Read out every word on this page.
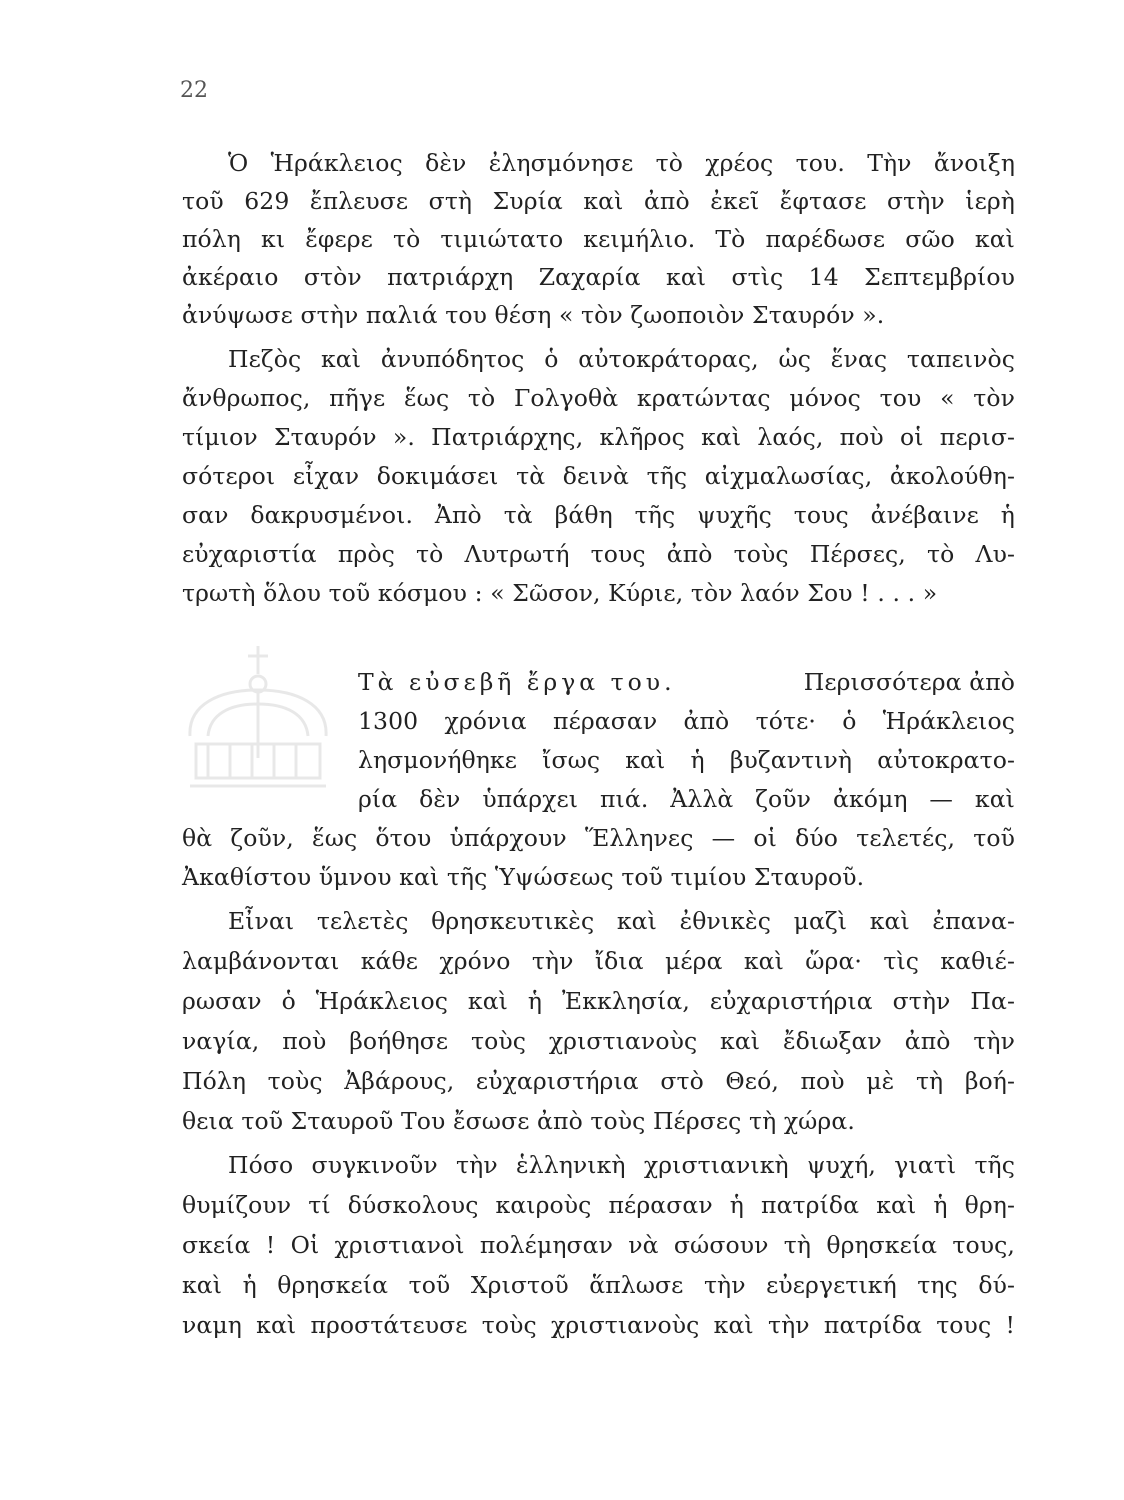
22
Ὁ Ἡράκλειος δὲν ἐλησμόνησε τὸ χρέος του. Τὴν ἄνοιξη
τοῦ 629 ἔπλευσε στὴ Συρία καὶ ἀπὸ ἐκεῖ ἔφτασε στὴν ἱερὴ
πόλη κι ἔφερε τὸ τιμιώτατο κειμήλιο. Τὸ παρέδωσε σῶο καὶ
ἀκέραιο στὸν πατριάρχη Ζαχαρία καὶ στὶς 14 Σεπτεμβρίου
ἀνύψωσε στὴν παλιά του θέση « τὸν ζωοποιὸν Σταυρόν ».
Πεζὸς καὶ ἀνυπόδητος ὁ αὐτοκράτορας, ὡς ἕνας ταπεινὸς
ἄνθρωπος, πῆγε ἕως τὸ Γολγοθὰ κρατώντας μόνος του « τὸν
τίμιον Σταυρόν ». Πατριάρχης, κλῆρος καὶ λαός, ποὺ οἱ περισ-
σότεροι εἶχαν δοκιμάσει τὰ δεινὰ τῆς αἰχμαλωσίας, ἀκολούθη-
σαν δακρυσμένοι. Ἀπὸ τὰ βάθη τῆς ψυχῆς τους ἀνέβαινε ἡ
εὐχαριστία πρὸς τὸ Λυτρωτή τους ἀπὸ τοὺς Πέρσες, τὸ Λυ-
τρωτὴ ὅλου τοῦ κόσμου : « Σῶσον, Κύριε, τὸν λαόν Σου ! . . . »
Τὰ εὐσεβῆ ἔργα του.	Περισσότερα ἀπὸ
1300 χρόνια πέρασαν ἀπὸ τότε· ὁ Ἡράκλειος
λησμονήθηκε ἴσως καὶ ἡ βυζαντινὴ αὐτοκρατο-
ρία δὲν ὑπάρχει πιά. Ἀλλὰ ζοῦν ἀκόμη — καὶ
θὰ ζοῦν, ἕως ὅτου ὑπάρχουν Ἕλληνες — οἱ δύο τελετές, τοῦ
Ἀκαθίστου ὕμνου καὶ τῆς Ὑψώσεως τοῦ τιμίου Σταυροῦ.
Εἶναι τελετὲς θρησκευτικὲς καὶ ἐθνικὲς μαζὶ καὶ ἐπανα-
λαμβάνονται κάθε χρόνο τὴν ἴδια μέρα καὶ ὥρα· τὶς καθιέ-
ρωσαν ὁ Ἡράκλειος καὶ ἡ Ἐκκλησία, εὐχαριστήρια στὴν Πα-
ναγία, ποὺ βοήθησε τοὺς χριστιανοὺς καὶ ἔδιωξαν ἀπὸ τὴν
Πόλη τοὺς Ἀβάρους, εὐχαριστήρια στὸ Θεό, ποὺ μὲ τὴ βοή-
θεια τοῦ Σταυροῦ Του ἔσωσε ἀπὸ τοὺς Πέρσες τὴ χώρα.
Πόσο συγκινοῦν τὴν ἑλληνικὴ χριστιανικὴ ψυχή, γιατὶ τῆς
θυμίζουν τί δύσκολους καιροὺς πέρασαν ἡ πατρίδα καὶ ἡ θρη-
σκεία ! Οἱ χριστιανοὶ πολέμησαν νὰ σώσουν τὴ θρησκεία τους,
καὶ ἡ θρησκεία τοῦ Χριστοῦ ἅπλωσε τὴν εὐεργετική της δύ-
ναμη καὶ προστάτευσε τοὺς χριστιανοὺς καὶ τὴν πατρίδα τους !
